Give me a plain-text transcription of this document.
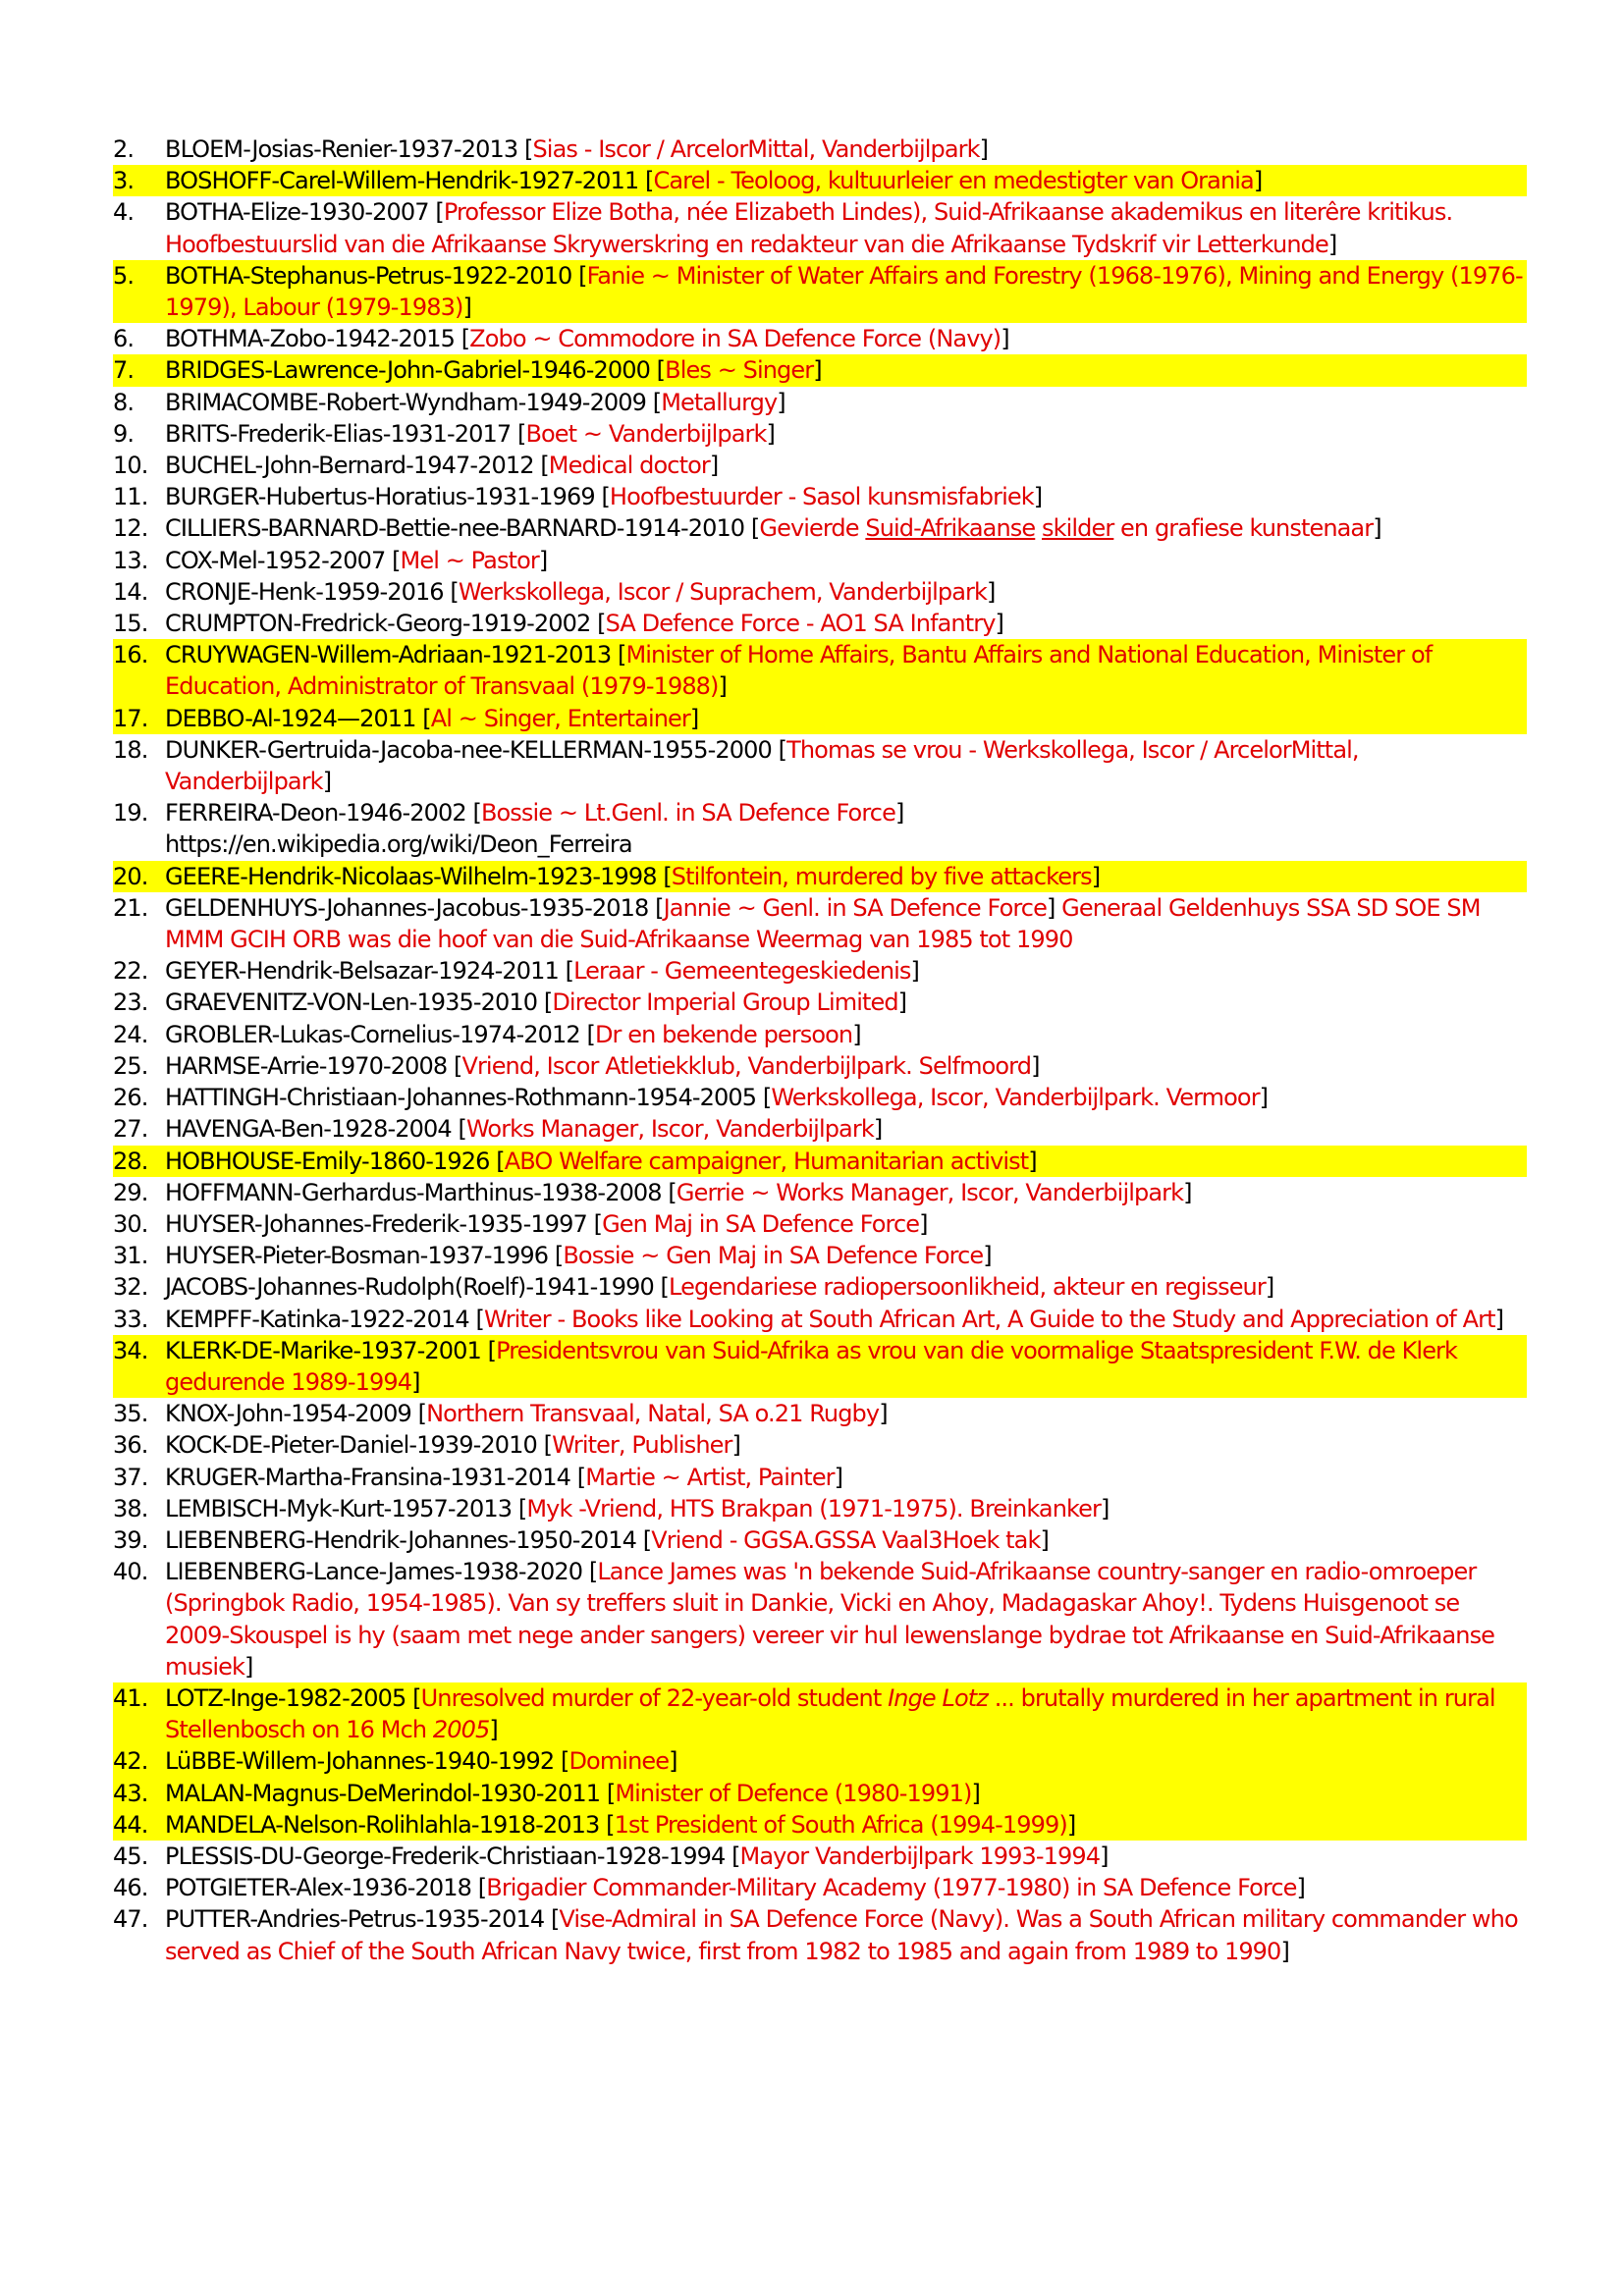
2.	BLOEM-Josias-Renier-1937-2013 [Sias - Iscor / ArcelorMittal, Vanderbijlpark]
3.	BOSHOFF-Carel-Willem-Hendrik-1927-2011 [Carel - Teoloog, kultuurleier en medestigter van Orania]
4.	BOTHA-Elize-1930-2007 [Professor Elize Botha, née Elizabeth Lindes), Suid-Afrikaanse akademikus en literêre kritikus. Hoofbestuurslid van die Afrikaanse Skrywerskring en redakteur van die Afrikaanse Tydskrif vir Letterkunde]
5.	BOTHA-Stephanus-Petrus-1922-2010 [Fanie ~ Minister of Water Affairs and Forestry (1968-1976), Mining and Energy (1976-1979), Labour (1979-1983)]
6.	BOTHMA-Zobo-1942-2015 [Zobo ~ Commodore in SA Defence Force (Navy)]
7.	BRIDGES-Lawrence-John-Gabriel-1946-2000 [Bles ~ Singer]
8.	BRIMACOMBE-Robert-Wyndham-1949-2009 [Metallurgy]
9.	BRITS-Frederik-Elias-1931-2017 [Boet ~ Vanderbijlpark]
10. BUCHEL-John-Bernard-1947-2012 [Medical doctor]
11. BURGER-Hubertus-Horatius-1931-1969 [Hoofbestuurder - Sasol kunsmisfabriek]
12. CILLIERS-BARNARD-Bettie-nee-BARNARD-1914-2010 [Gevierde Suid-Afrikaanse skilder en grafiese kunstenaar]
13. COX-Mel-1952-2007 [Mel ~ Pastor]
14. CRONJE-Henk-1959-2016 [Werkskollega, Iscor / Suprachem, Vanderbijlpark]
15. CRUMPTON-Fredrick-Georg-1919-2002 [SA Defence Force - AO1 SA Infantry]
16. CRUYWAGEN-Willem-Adriaan-1921-2013 [Minister of Home Affairs, Bantu Affairs and National Education, Minister of Education, Administrator of Transvaal (1979-1988)]
17. DEBBO-Al-1924—2011 [Al ~ Singer, Entertainer]
18. DUNKER-Gertruida-Jacoba-nee-KELLERMAN-1955-2000 [Thomas se vrou - Werkskollega, Iscor / ArcelorMittal, Vanderbijlpark]
19. FERREIRA-Deon-1946-2002 [Bossie ~ Lt.Genl. in SA Defence Force]
https://en.wikipedia.org/wiki/Deon_Ferreira
20. GEERE-Hendrik-Nicolaas-Wilhelm-1923-1998 [Stilfontein, murdered by five attackers]
21. GELDENHUYS-Johannes-Jacobus-1935-2018 [Jannie ~ Genl. in SA Defence Force] Generaal Geldenhuys SSA SD SOE SM MMM GCIH ORB was die hoof van die Suid-Afrikaanse Weermag van 1985 tot 1990
22. GEYER-Hendrik-Belsazar-1924-2011 [Leraar - Gemeentegeskiedenis]
23. GRAEVENITZ-VON-Len-1935-2010 [Director Imperial Group Limited]
24. GROBLER-Lukas-Cornelius-1974-2012 [Dr en bekende persoon]
25. HARMSE-Arrie-1970-2008 [Vriend, Iscor Atletiekklub, Vanderbijlpark. Selfmoord]
26. HATTINGH-Christiaan-Johannes-Rothmann-1954-2005 [Werkskollega, Iscor, Vanderbijlpark. Vermoor]
27. HAVENGA-Ben-1928-2004 [Works Manager, Iscor, Vanderbijlpark]
28. HOBHOUSE-Emily-1860-1926 [ABO Welfare campaigner, Humanitarian activist]
29. HOFFMANN-Gerhardus-Marthinus-1938-2008 [Gerrie ~ Works Manager, Iscor, Vanderbijlpark]
30. HUYSER-Johannes-Frederik-1935-1997 [Gen Maj in SA Defence Force]
31. HUYSER-Pieter-Bosman-1937-1996 [Bossie ~ Gen Maj in SA Defence Force]
32. JACOBS-Johannes-Rudolph(Roelf)-1941-1990 [Legendariese radiopersoonlikheid, akteur en regisseur]
33. KEMPFF-Katinka-1922-2014 [Writer - Books like Looking at South African Art, A Guide to the Study and Appreciation of Art]
34. KLERK-DE-Marike-1937-2001 [Presidentsvrou van Suid-Afrika as vrou van die voormalige Staatspresident F.W. de Klerk gedurende 1989-1994]
35. KNOX-John-1954-2009 [Northern Transvaal, Natal, SA o.21 Rugby]
36. KOCK-DE-Pieter-Daniel-1939-2010 [Writer, Publisher]
37. KRUGER-Martha-Fransina-1931-2014 [Martie ~ Artist, Painter]
38. LEMBISCH-Myk-Kurt-1957-2013 [Myk -Vriend, HTS Brakpan (1971-1975). Breinkanker]
39. LIEBENBERG-Hendrik-Johannes-1950-2014 [Vriend - GGSA.GSSA Vaal3Hoek tak]
40. LIEBENBERG-Lance-James-1938-2020 [Lance James was 'n bekende Suid-Afrikaanse country-sanger en radio-omroeper (Springbok Radio, 1954-1985). Van sy treffers sluit in Dankie, Vicki en Ahoy, Madagaskar Ahoy!. Tydens Huisgenoot se 2009-Skouspel is hy (saam met nege ander sangers) vereer vir hul lewenslange bydrae tot Afrikaanse en Suid-Afrikaanse musiek]
41. LOTZ-Inge-1982-2005 [Unresolved murder of 22-year-old student Inge Lotz ... brutally murdered in her apartment in rural Stellenbosch on 16 Mch 2005]
42. LüBBE-Willem-Johannes-1940-1992 [Dominee]
43. MALAN-Magnus-DeMerindol-1930-2011 [Minister of Defence (1980-1991)]
44. MANDELA-Nelson-Rolihlahla-1918-2013 [1st President of South Africa (1994-1999)]
45. PLESSIS-DU-George-Frederik-Christiaan-1928-1994 [Mayor Vanderbijlpark 1993-1994]
46. POTGIETER-Alex-1936-2018 [Brigadier Commander-Military Academy (1977-1980) in SA Defence Force]
47. PUTTER-Andries-Petrus-1935-2014 [Vise-Admiral in SA Defence Force (Navy). Was a South African military commander who served as Chief of the South African Navy twice, first from 1982 to 1985 and again from 1989 to 1990]
